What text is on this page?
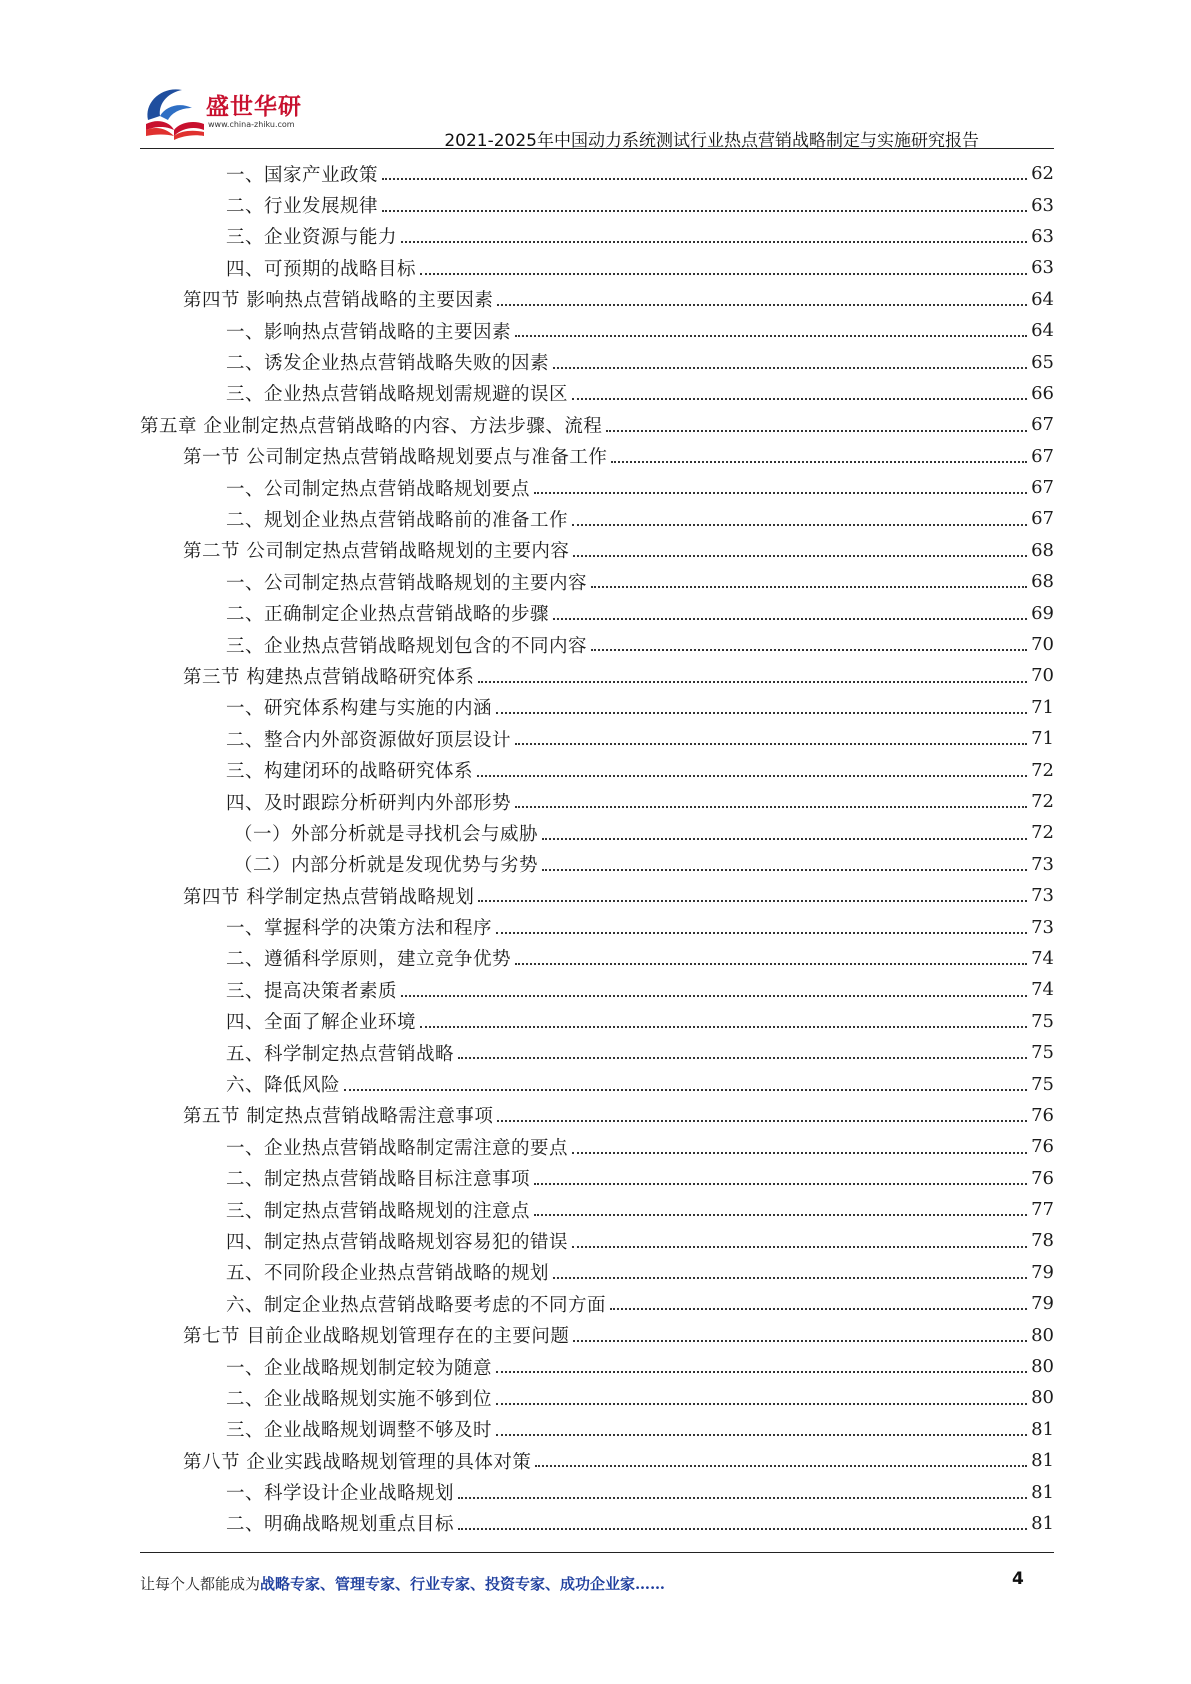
盛世华研
www.china-zhiku.com
2021-2025年中国动力系统测试行业热点营销战略制定与实施研究报告
一、国家产业政策	62
二、行业发展规律	63
三、企业资源与能力	63
四、可预期的战略目标	63
第四节 影响热点营销战略的主要因素	64
一、影响热点营销战略的主要因素	64
二、诱发企业热点营销战略失败的因素	65
三、企业热点营销战略规划需规避的误区	66
第五章 企业制定热点营销战略的内容、方法步骤、流程	67
第一节 公司制定热点营销战略规划要点与准备工作	67
一、公司制定热点营销战略规划要点	67
二、规划企业热点营销战略前的准备工作	67
第二节 公司制定热点营销战略规划的主要内容	68
一、公司制定热点营销战略规划的主要内容	68
二、正确制定企业热点营销战略的步骤	69
三、企业热点营销战略规划包含的不同内容	70
第三节 构建热点营销战略研究体系	70
一、研究体系构建与实施的内涵	71
二、整合内外部资源做好顶层设计	71
三、构建闭环的战略研究体系	72
四、及时跟踪分析研判内外部形势	72
（一）外部分析就是寻找机会与威胁	72
（二）内部分析就是发现优势与劣势	73
第四节 科学制定热点营销战略规划	73
一、掌握科学的决策方法和程序	73
二、遵循科学原则，建立竞争优势	74
三、提高决策者素质	74
四、全面了解企业环境	75
五、科学制定热点营销战略	75
六、降低风险	75
第五节 制定热点营销战略需注意事项	76
一、企业热点营销战略制定需注意的要点	76
二、制定热点营销战略目标注意事项	76
三、制定热点营销战略规划的注意点	77
四、制定热点营销战略规划容易犯的错误	78
五、不同阶段企业热点营销战略的规划	79
六、制定企业热点营销战略要考虑的不同方面	79
第七节 目前企业战略规划管理存在的主要问题	80
一、企业战略规划制定较为随意	80
二、企业战略规划实施不够到位	80
三、企业战略规划调整不够及时	81
第八节 企业实践战略规划管理的具体对策	81
一、科学设计企业战略规划	81
二、明确战略规划重点目标	81
让每个人都能成为战略专家、管理专家、行业专家、投资专家、成功企业家……	4
